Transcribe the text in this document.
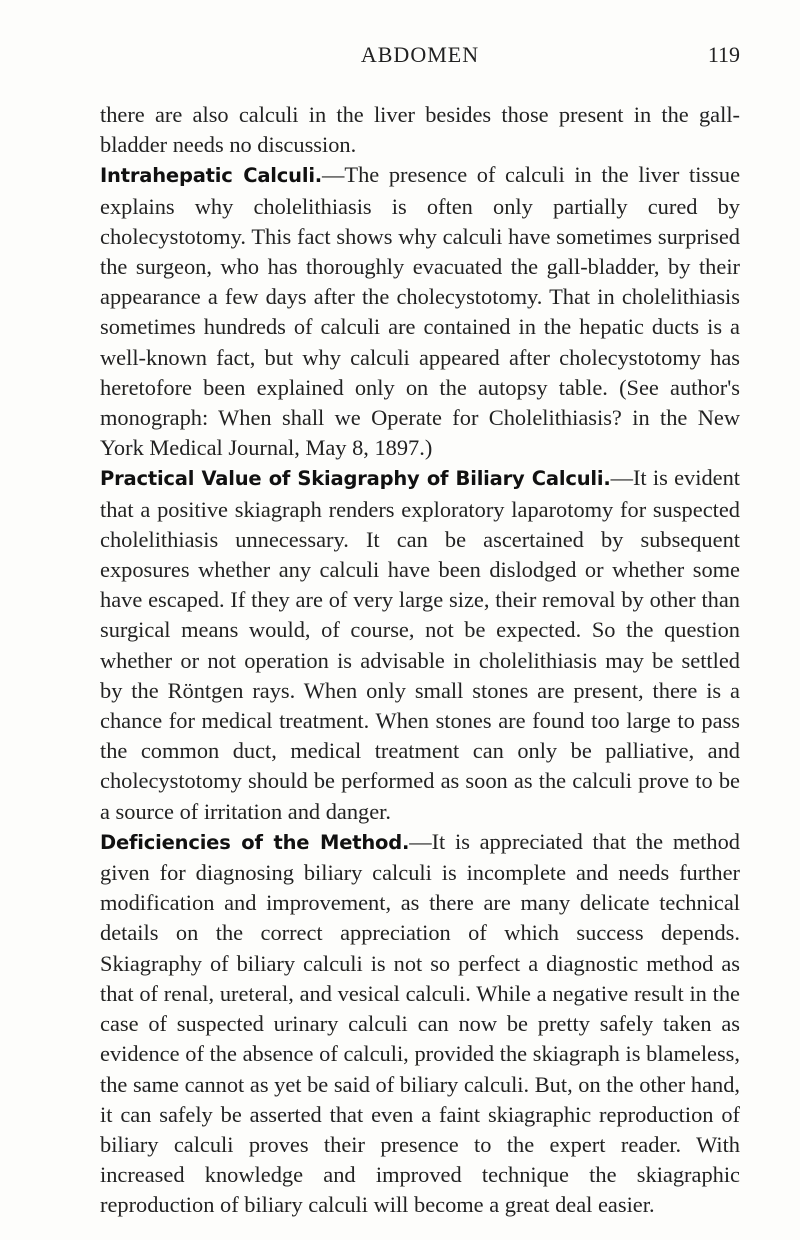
ABDOMEN	119

there are also calculi in the liver besides those present in the gall-bladder needs no discussion.

Intrahepatic Calculi.—The presence of calculi in the liver tissue explains why cholelithiasis is often only partially cured by cholecystotomy. This fact shows why calculi have sometimes surprised the surgeon, who has thoroughly evacuated the gall-bladder, by their appearance a few days after the cholecystotomy. That in cholelithiasis sometimes hundreds of calculi are contained in the hepatic ducts is a well-known fact, but why calculi appeared after cholecystotomy has heretofore been explained only on the autopsy table. (See author's monograph: When shall we Operate for Cholelithiasis? in the New York Medical Journal, May 8, 1897.)

Practical Value of Skiagraphy of Biliary Calculi.—It is evident that a positive skiagraph renders exploratory laparotomy for suspected cholelithiasis unnecessary. It can be ascertained by subsequent exposures whether any calculi have been dislodged or whether some have escaped. If they are of very large size, their removal by other than surgical means would, of course, not be expected. So the question whether or not operation is advisable in cholelithiasis may be settled by the Röntgen rays. When only small stones are present, there is a chance for medical treatment. When stones are found too large to pass the common duct, medical treatment can only be palliative, and cholecystotomy should be performed as soon as the calculi prove to be a source of irritation and danger.

Deficiencies of the Method.—It is appreciated that the method given for diagnosing biliary calculi is incomplete and needs further modification and improvement, as there are many delicate technical details on the correct appreciation of which success depends. Skiagraphy of biliary calculi is not so perfect a diagnostic method as that of renal, ureteral, and vesical calculi. While a negative result in the case of suspected urinary calculi can now be pretty safely taken as evidence of the absence of calculi, provided the skiagraph is blameless, the same cannot as yet be said of biliary calculi. But, on the other hand, it can safely be asserted that even a faint skiagraphic reproduction of biliary calculi proves their presence to the expert reader. With increased knowledge and improved technique the skiagraphic reproduction of biliary calculi will become a great deal easier.
